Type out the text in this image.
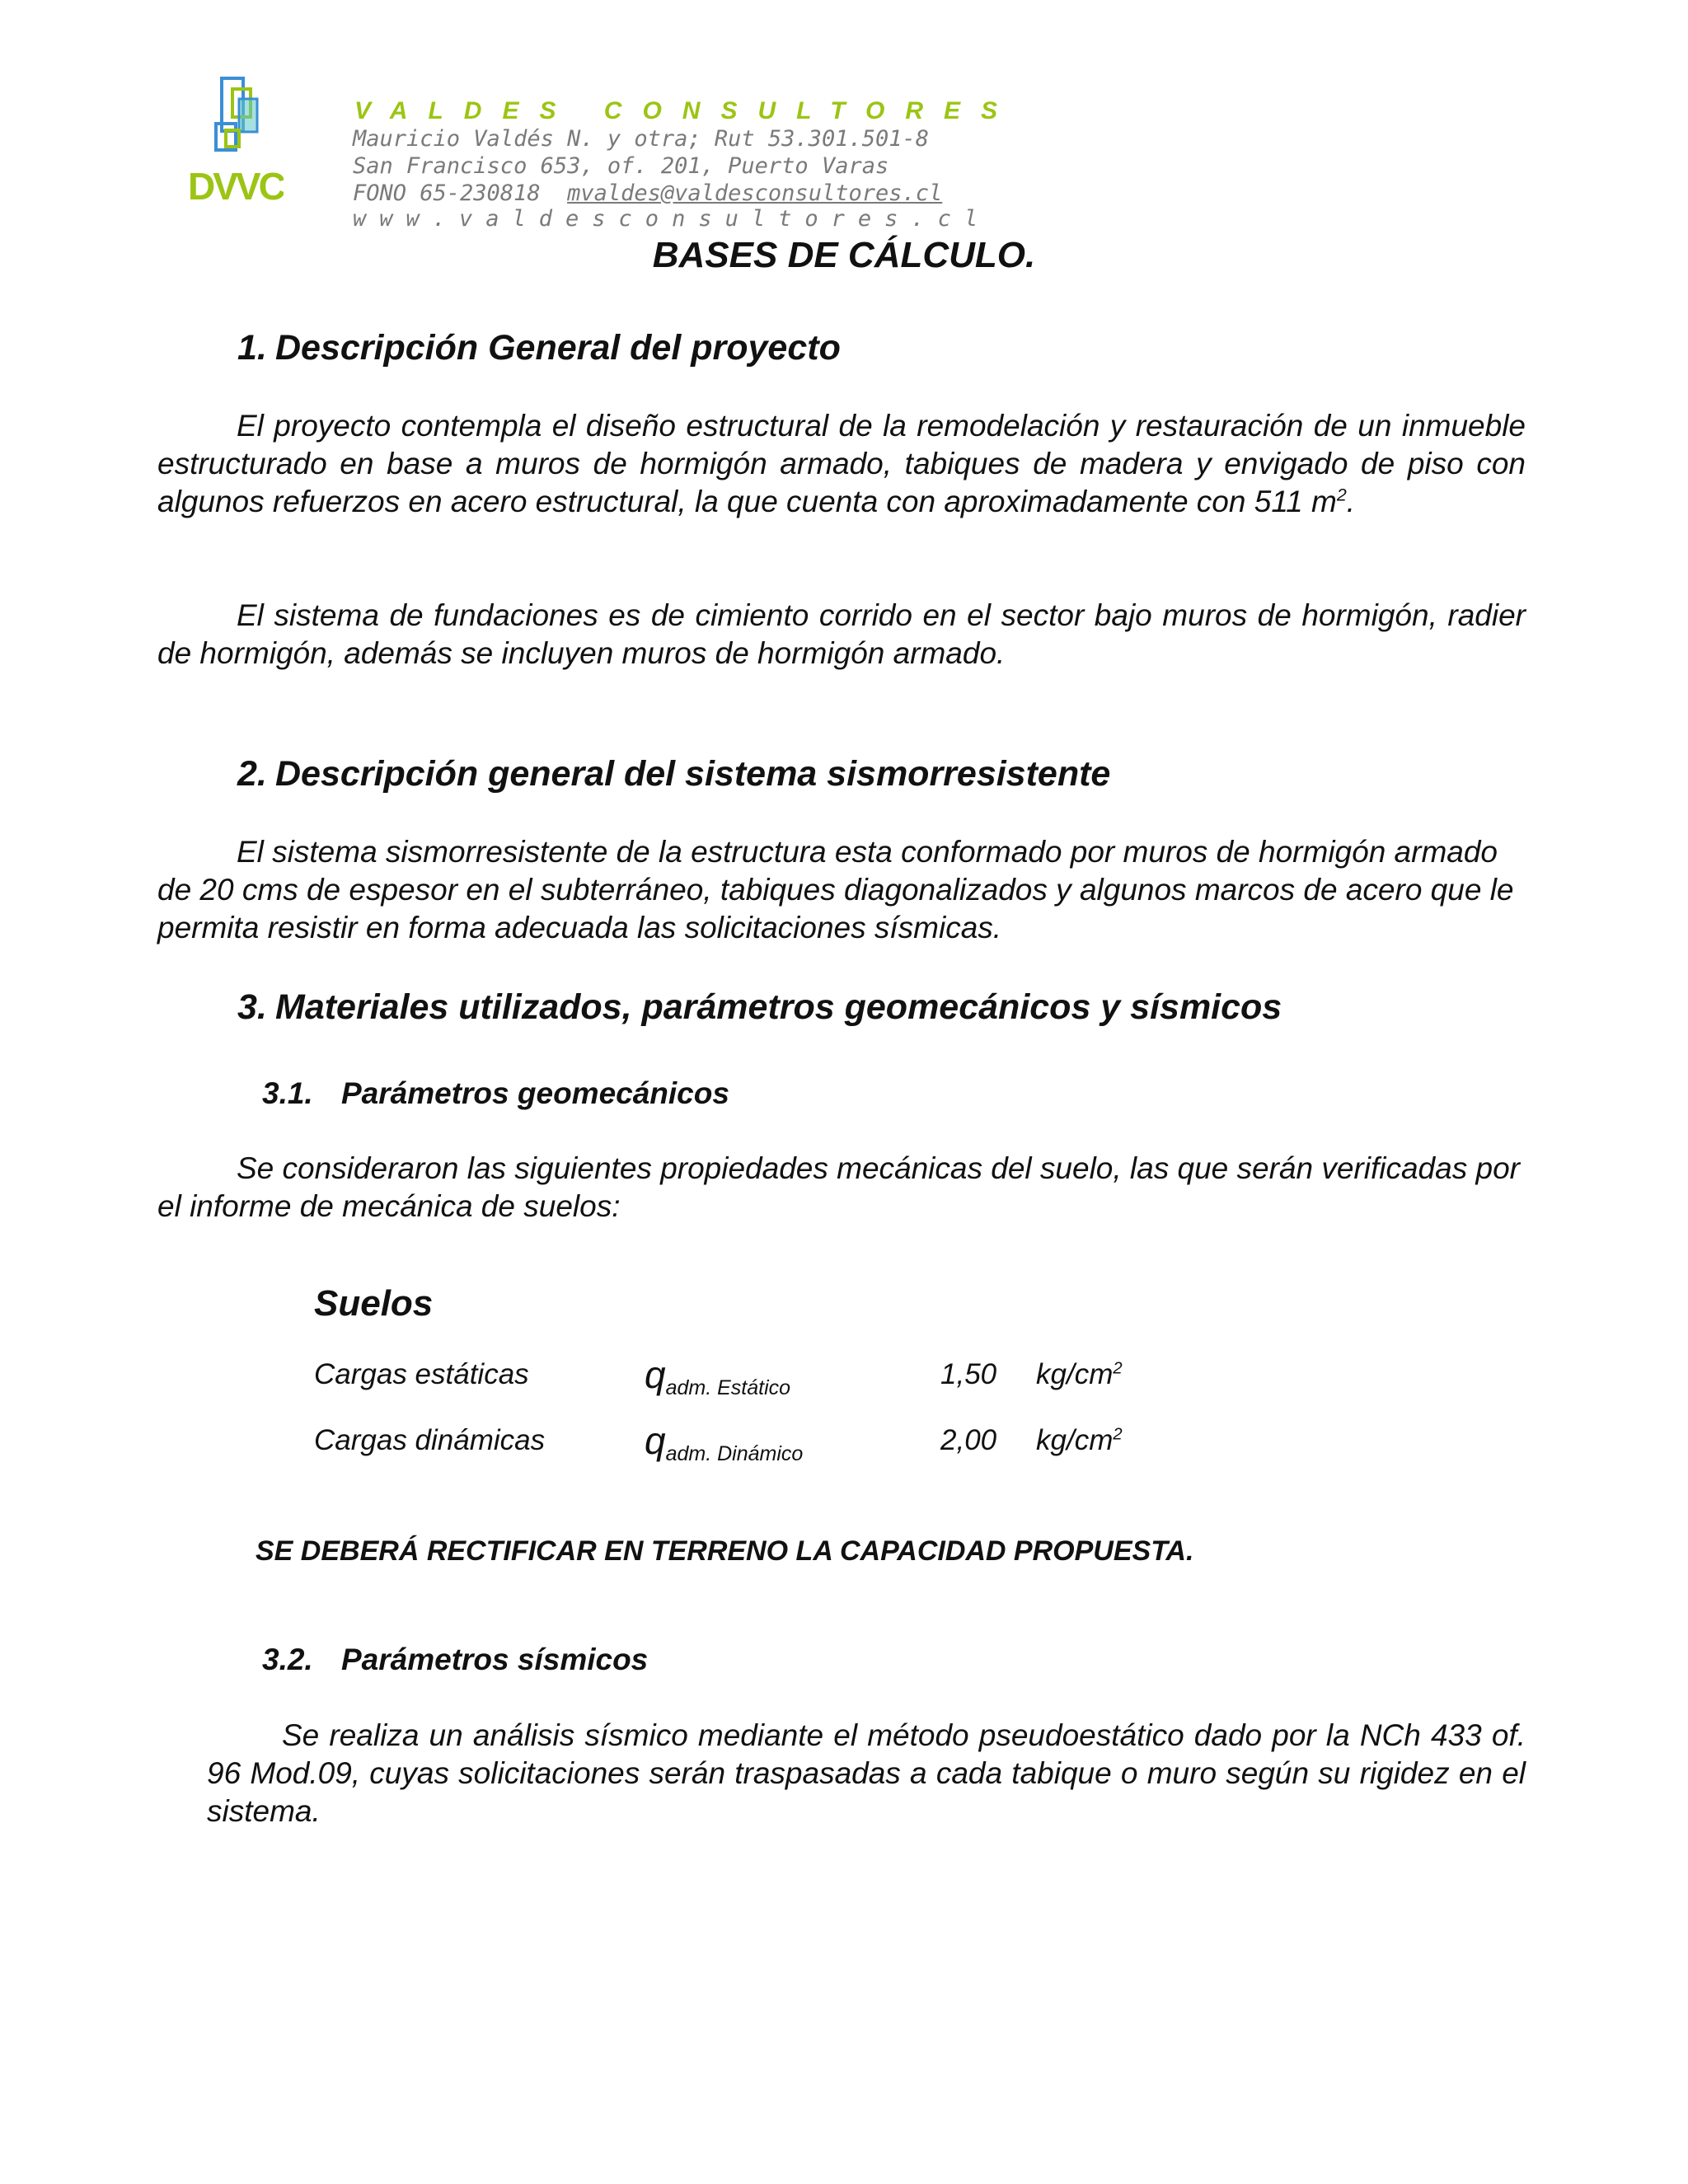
DVVC
VALDES CONSULTORES
Mauricio Valdés N. y otra; Rut 53.301.501-8
San Francisco 653, of. 201, Puerto Varas
FONO 65-230818 mvaldes@valdesconsultores.cl
www.valdesconsultores.cl
BASES DE CÁLCULO.
1. Descripción General del proyecto

El proyecto contempla el diseño estructural de la remodelación y restauración de un inmueble estructurado en base a muros de hormigón armado, tabiques de madera y envigado de piso con algunos refuerzos en acero estructural, la que cuenta con aproximadamente con 511 $m^2$.

El sistema de fundaciones es de cimiento corrido en el sector bajo muros de hormigón, radier de hormigón, además se incluyen muros de hormigón armado.

2. Descripción general del sistema sismorresistente

El sistema sismorresistente de la estructura esta conformado por muros de hormigón armado de 20 cms de espesor en el subterráneo, tabiques diagonalizados y algunos marcos de acero que le permita resistir en forma adecuada las solicitaciones sísmicas.

3. Materiales utilizados, parámetros geomecánicos y sísmicos
3.1. Parámetros geomecánicos

Se consideraron las siguientes propiedades mecánicas del suelo, las que serán verificadas por el informe de mecánica de suelos:

Suelos
Cargas estáticas	$q_{adm. Estático}$	1,50 $kg/cm^2$
Cargas dinámicas	$q_{adm. Dinámico}$	2,00 $kg/cm^2$
SE DEBERÁ RECTIFICAR EN TERRENO LA CAPACIDAD PROPUESTA.
3.2. Parámetros sísmicos

Se realiza un análisis sísmico mediante el método pseudoestático dado por la NCh 433 of. 96 Mod.09, cuyas solicitaciones serán traspasadas a cada tabique o muro según su rigidez en el sistema.
